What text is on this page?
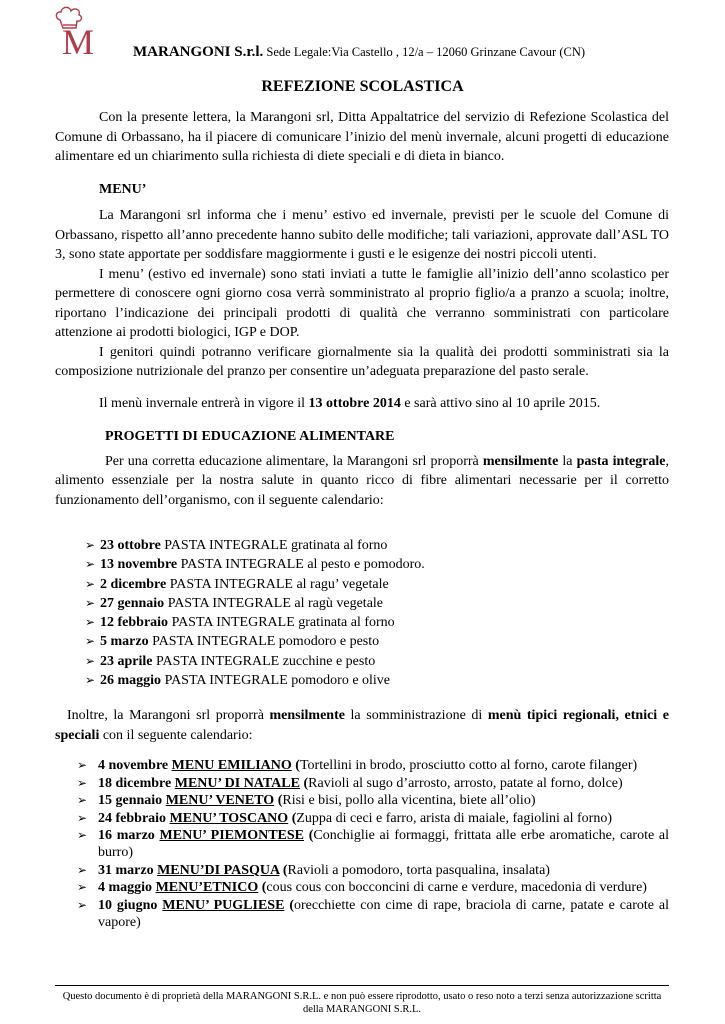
M	MARANGONI S.r.l. Sede Legale:Via Castello , 12/a – 12060 Grinzane Cavour (CN)
REFEZIONE SCOLASTICA

Con la presente lettera, la Marangoni srl, Ditta Appaltatrice del servizio di Refezione Scolastica del Comune di Orbassano, ha il piacere di comunicare l’inizio del menù invernale, alcuni progetti di educazione alimentare ed un chiarimento sulla richiesta di diete speciali e di dieta in bianco.

MENU’

La Marangoni srl informa che i menu’ estivo ed invernale, previsti per le scuole del Comune di Orbassano, rispetto all’anno precedente hanno subito delle modifiche; tali variazioni, approvate dall’ASL TO 3, sono state apportate per soddisfare maggiormente i gusti e le esigenze dei nostri piccoli utenti.

I menu’ (estivo ed invernale) sono stati inviati a tutte le famiglie all’inizio dell’anno scolastico per permettere di conoscere ogni giorno cosa verrà somministrato al proprio figlio/a a pranzo a scuola; inoltre, riportano l’indicazione dei principali prodotti di qualità che verranno somministrati con particolare attenzione ai prodotti biologici, IGP e DOP.

I genitori quindi potranno verificare giornalmente sia la qualità dei prodotti somministrati sia la composizione nutrizionale del pranzo per consentire un’adeguata preparazione del pasto serale.

Il menù invernale entrerà in vigore il 13 ottobre 2014 e sarà attivo sino al 10 aprile 2015.

PROGETTI DI EDUCAZIONE ALIMENTARE

Per una corretta educazione alimentare, la Marangoni srl proporrà mensilmente la pasta integrale, alimento essenziale per la nostra salute in quanto ricco di fibre alimentari necessarie per il corretto funzionamento dell’organismo, con il seguente calendario:

➢ 23 ottobre PASTA INTEGRALE gratinata al forno
➢ 13 novembre PASTA INTEGRALE al pesto e pomodoro.
➢ 2 dicembre PASTA INTEGRALE al ragu’ vegetale
➢ 27 gennaio PASTA INTEGRALE al ragù vegetale
➢ 12 febbraio PASTA INTEGRALE gratinata al forno
➢ 5 marzo PASTA INTEGRALE pomodoro e pesto
➢ 23 aprile PASTA INTEGRALE zucchine e pesto
➢ 26 maggio PASTA INTEGRALE pomodoro e olive

Inoltre, la Marangoni srl proporrà mensilmente la somministrazione di menù tipici regionali, etnici e speciali con il seguente calendario:

➢ 4 novembre MENU EMILIANO (Tortellini in brodo, prosciutto cotto al forno, carote filanger)
➢ 18 dicembre MENU’ DI NATALE (Ravioli al sugo d’arrosto, arrosto, patate al forno, dolce)
➢ 15 gennaio MENU’ VENETO (Risi e bisi, pollo alla vicentina, biete all’olio)
➢ 24 febbraio MENU’ TOSCANO (Zuppa di ceci e farro, arista di maiale, fagiolini al forno)
➢ 16 marzo MENU’ PIEMONTESE (Conchiglie ai formaggi, frittata alle erbe aromatiche, carote al burro)
➢ 31 marzo MENU’DI PASQUA (Ravioli a pomodoro, torta pasqualina, insalata)
➢ 4 maggio MENU’ETNICO (cous cous con bocconcini di carne e verdure, macedonia di verdure)
➢ 10 giugno MENU’ PUGLIESE (orecchiette con cime di rape, braciola di carne, patate e carote al vapore)
Questo documento è di proprietà della MARANGONI S.R.L. e non può essere riprodotto, usato o reso noto a terzi senza autorizzazione scritta della MARANGONI S.R.L.
